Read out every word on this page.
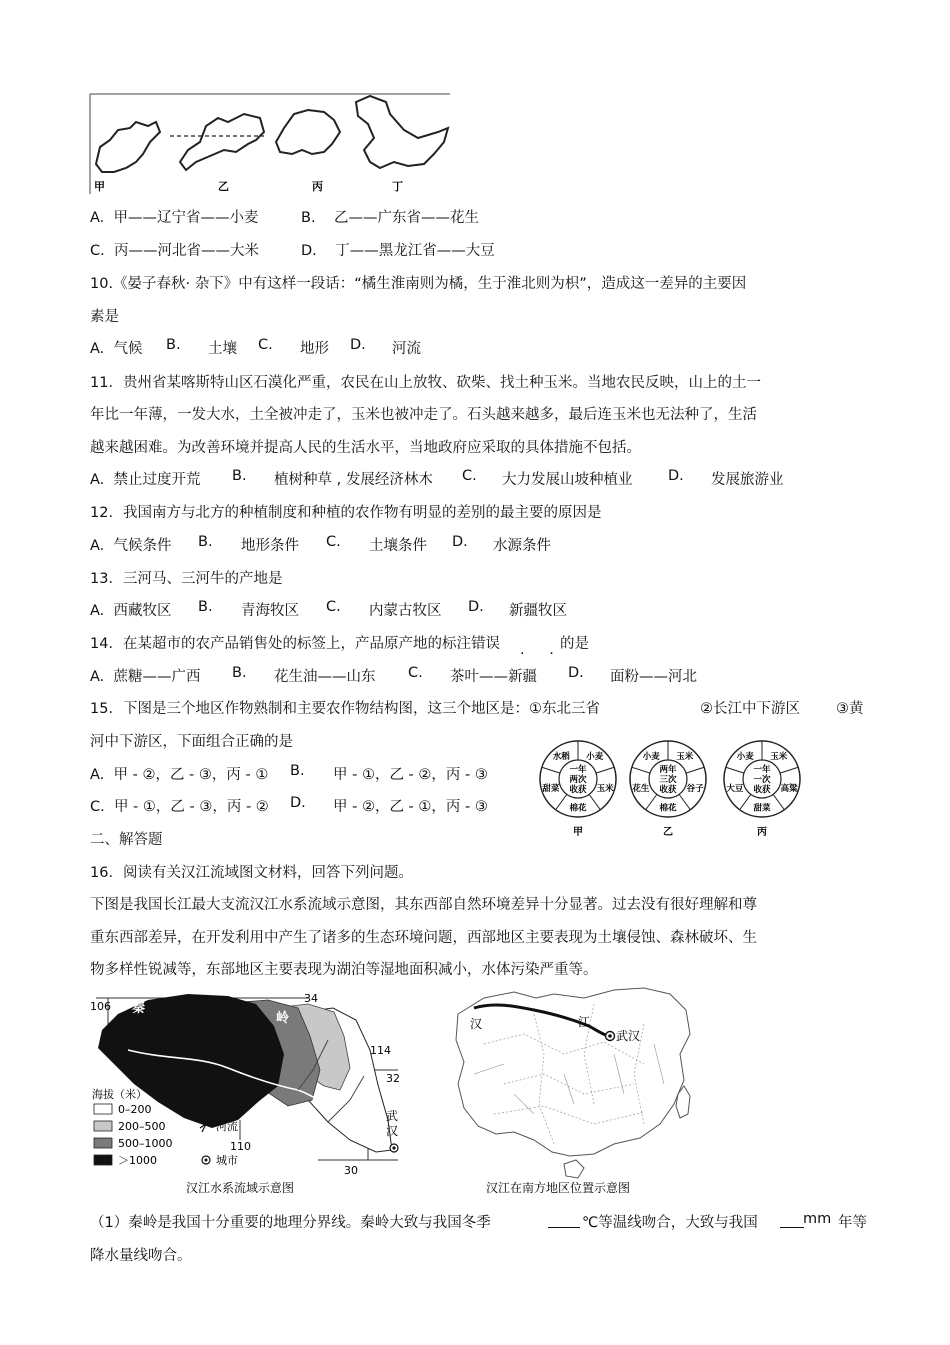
甲	乙	丙	丁
A. 甲——辽宁省——小麦	B. 乙——广东省——花生
C. 丙——河北省——大米	D. 丁——黑龙江省——大豆
10.《晏子春秋· 杂下》中有这样一段话：“橘生淮南则为橘，生于淮北则为枳”，造成这一差异的主要因
素是
A. 气候 B. 土壤 C. 地形 D. 河流
11．贵州省某喀斯特山区石漠化严重，农民在山上放牧、砍柴、找土种玉米。当地农民反映，山上的土一
年比一年薄，一发大水，土全被冲走了，玉米也被冲走了。石头越来越多，最后连玉米也无法种了，生活
越来越困难。为改善环境并提高人民的生活水平，当地政府应采取的具体措施不包括。
A. 禁止过度开荒 B. 植树种草 , 发展经济林木 C. 大力发展山坡种植业 D. 发展旅游业
12．我国南方与北方的种植制度和种植的农作物有明显的差别的最主要的原因是
A. 气候条件 B. 地形条件 C. 土壤条件 D. 水源条件
13．三河马、三河牛的产地是
A. 西藏牧区 B. 青海牧区 C. 内蒙古牧区 D. 新疆牧区
14．在某超市的农产品销售处的标签上，产品原产地的标注错误 . .
的是
A. 蔗糖——广西 B. 花生油——山东 C. 茶叶——新疆 D. 面粉——河北
15．下图是三个地区作物熟制和主要农作物结构图，这三个地区是：①东北三省	②长江中下游区 ③黄
河中下游区，下面组合正确的是
A. 甲 - ②，乙 - ③，丙 - ① B. 甲 - ①，乙 - ②，丙 - ③
C. 甲 - ①，乙 - ③，丙 - ② D. 甲 - ②，乙 - ①，丙 - ③
小麦
玉米
棉花
甜菜
水稻
一年
两次
收获
甲
玉米
谷子
棉花
花生
小麦
两年
三次
收获
乙
玉米
高粱
甜菜
大豆
小麦
一年
一次
收获
丙
二、解答题
16．阅读有关汉江流域图文材料，回答下列问题。
下图是我国长江最大支流汉江水系流域示意图，其东西部自然环境差异十分显著。过去没有很好理解和尊
重东西部差异，在开发利用中产生了诸多的生态环境问题，西部地区主要表现为土壤侵蚀、森林破坏、生
物多样性锐减等，东部地区主要表现为湖泊等湿地面积减小，水体污染严重等。
秦
岭
汉
武
汉
106
34
114
32
110
30
海拔（米）
0–200
200–500
500–1000
＞1000
河流
城市
汉江水系流域示意图
汉	江
武汉
汉江在南方地区位置示意图
（1）秦岭是我国十分重要的地理分界线。秦岭大致与我国冬季	℃等温线吻合，大致与我国	mm 年等
降水量线吻合。
